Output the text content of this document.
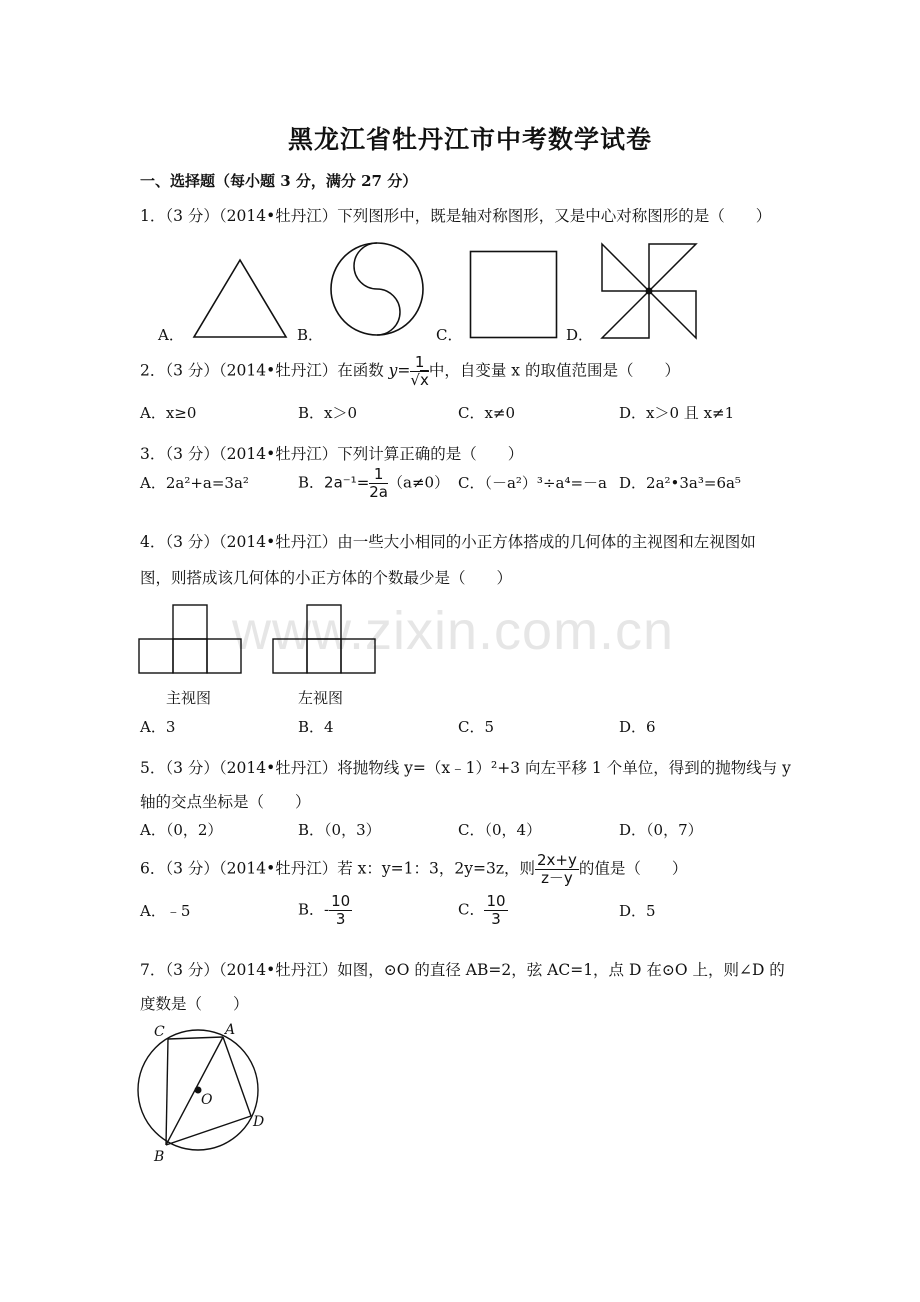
黑龙江省牡丹江市中考数学试卷
一、选择题（每小题 3 分，满分 27 分）
www.zixin.com.cn
1．（3 分）（2014•牡丹江）下列图形中，既是轴对称图形，又是中心对称图形的是（　　）
A．	B．	C．	D．
2．（3 分）（2014•牡丹江）在函数 $y= \frac{1}{√x}$ 中，自变量 x 的取值范围是（　　）
A．x≥0	B．x＞0	C．x≠0	D．x＞0 且 x≠1
3．（3 分）（2014•牡丹江）下列计算正确的是（　　）
A．2a²+a=3a²	B．$2a^{-1}= \frac{1}{2a} (a\ne 0)$ C．（－a²）³÷a⁴=－a D．2a²•3a³=6a⁵
4．（3 分）（2014•牡丹江）由一些大小相同的小正方体搭成的几何体的主视图和左视图如
图，则搭成该几何体的小正方体的个数最少是（　　）
主视图	左视图
A．3	B．4	C．5	D．6
5．（3 分）（2014•牡丹江）将抛物线 y=（x﹣1）²+3 向左平移 1 个单位，得到的抛物线与 y
轴的交点坐标是（　　）
A．（0，2）	B．（0，3）	C．（0，4）	D．（0，7）
6．（3 分）（2014•牡丹江）若 x：y=1：3，2y=3z，则 $\frac{2x+y}{z-y}$ 的值是（　　）
A．﹣5	B．- $\frac{10}{3}$	C． $\frac{10}{3}$	D．5
7．（3 分）（2014•牡丹江）如图，⊙O 的直径 AB=2，弦 AC=1，点 D 在⊙O 上，则∠D 的
度数是（　　）
C	A
O
D
B
